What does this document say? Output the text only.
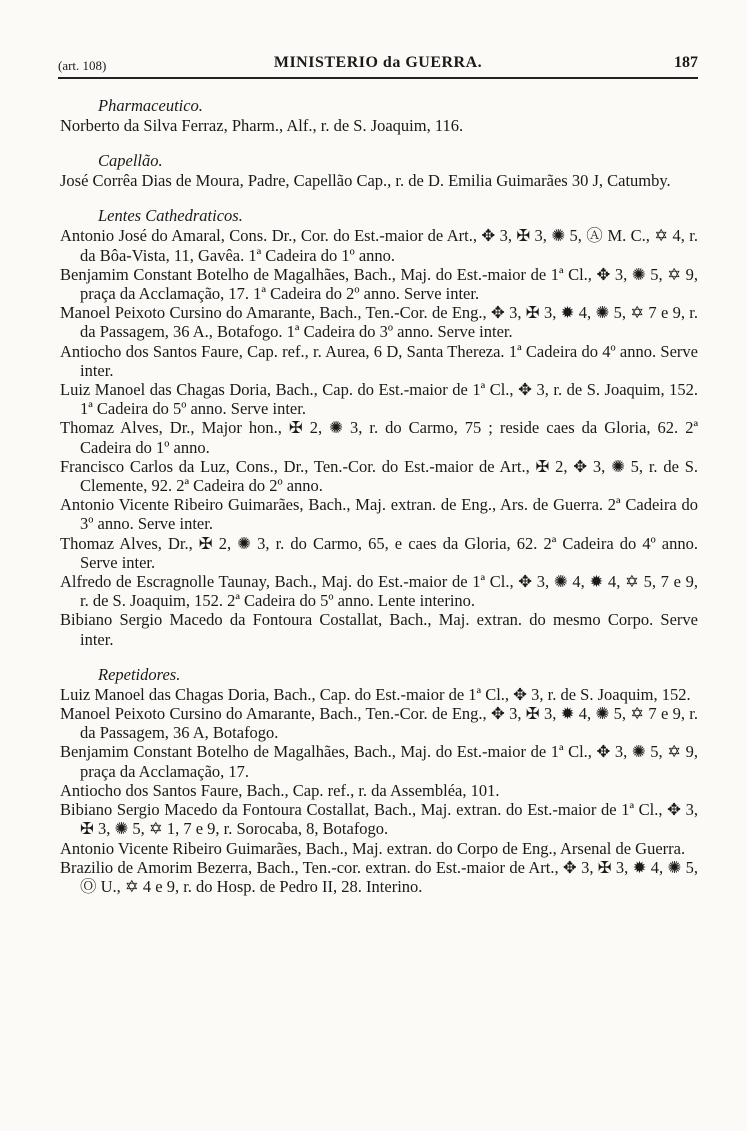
(art. 108)	MINISTERIO da GUERRA.	187
Pharmaceutico.
Norberto da Silva Ferraz, Pharm., Alf., r. de S. Joaquim, 116.
Capellão.
José Corrêa Dias de Moura, Padre, Capellão Cap., r. de D. Emilia Guimarães 30 J, Catumby.
Lentes Cathedraticos.
Antonio José do Amaral, Cons. Dr., Cor. do Est.-maior de Art., ✥ 3, ✠ 3, ✺ 5, Ⓐ M. C., ✡ 4, r. da Bôa-Vista, 11, Gavêa. 1ª Cadeira do 1º anno.
Benjamim Constant Botelho de Magalhães, Bach., Maj. do Est.-maior de 1ª Cl., ✥ 3, ✺ 5, ✡ 9, praça da Acclamação, 17. 1ª Cadeira do 2º anno. Serve inter.
Manoel Peixoto Cursino do Amarante, Bach., Ten.-Cor. de Eng., ✥ 3, ✠ 3, ✹ 4, ✺ 5, ✡ 7 e 9, r. da Passagem, 36 A., Botafogo. 1ª Cadeira do 3º anno. Serve inter.
Antiocho dos Santos Faure, Cap. ref., r. Aurea, 6 D, Santa Thereza. 1ª Cadeira do 4º anno. Serve inter.
Luiz Manoel das Chagas Doria, Bach., Cap. do Est.-maior de 1ª Cl., ✥ 3, r. de S. Joaquim, 152. 1ª Cadeira do 5º anno. Serve inter.
Thomaz Alves, Dr., Major hon., ✠ 2, ✺ 3, r. do Carmo, 75 ; reside caes da Gloria, 62. 2ª Cadeira do 1º anno.
Francisco Carlos da Luz, Cons., Dr., Ten.-Cor. do Est.-maior de Art., ✠ 2, ✥ 3, ✺ 5, r. de S. Clemente, 92. 2ª Cadeira do 2º anno.
Antonio Vicente Ribeiro Guimarães, Bach., Maj. extran. de Eng., Ars. de Guerra. 2ª Cadeira do 3º anno. Serve inter.
Thomaz Alves, Dr., ✠ 2, ✺ 3, r. do Carmo, 65, e caes da Gloria, 62. 2ª Cadeira do 4º anno. Serve inter.
Alfredo de Escragnolle Taunay, Bach., Maj. do Est.-maior de 1ª Cl., ✥ 3, ✺ 4, ✹ 4, ✡ 5, 7 e 9, r. de S. Joaquim, 152. 2ª Cadeira do 5º anno. Lente interino.
Bibiano Sergio Macedo da Fontoura Costallat, Bach., Maj. extran. do mesmo Corpo. Serve inter.
Repetidores.
Luiz Manoel das Chagas Doria, Bach., Cap. do Est.-maior de 1ª Cl., ✥ 3, r. de S. Joaquim, 152.
Manoel Peixoto Cursino do Amarante, Bach., Ten.-Cor. de Eng., ✥ 3, ✠ 3, ✹ 4, ✺ 5, ✡ 7 e 9, r. da Passagem, 36 A, Botafogo.
Benjamim Constant Botelho de Magalhães, Bach., Maj. do Est.-maior de 1ª Cl., ✥ 3, ✺ 5, ✡ 9, praça da Acclamação, 17.
Antiocho dos Santos Faure, Bach., Cap. ref., r. da Assembléa, 101.
Bibiano Sergio Macedo da Fontoura Costallat, Bach., Maj. extran. do Est.-maior de 1ª Cl., ✥ 3, ✠ 3, ✺ 5, ✡ 1, 7 e 9, r. Sorocaba, 8, Botafogo.
Antonio Vicente Ribeiro Guimarães, Bach., Maj. extran. do Corpo de Eng., Arsenal de Guerra.
Brazilio de Amorim Bezerra, Bach., Ten.-cor. extran. do Est.-maior de Art., ✥ 3, ✠ 3, ✹ 4, ✺ 5, Ⓞ U., ✡ 4 e 9, r. do Hosp. de Pedro II, 28. Interino.
